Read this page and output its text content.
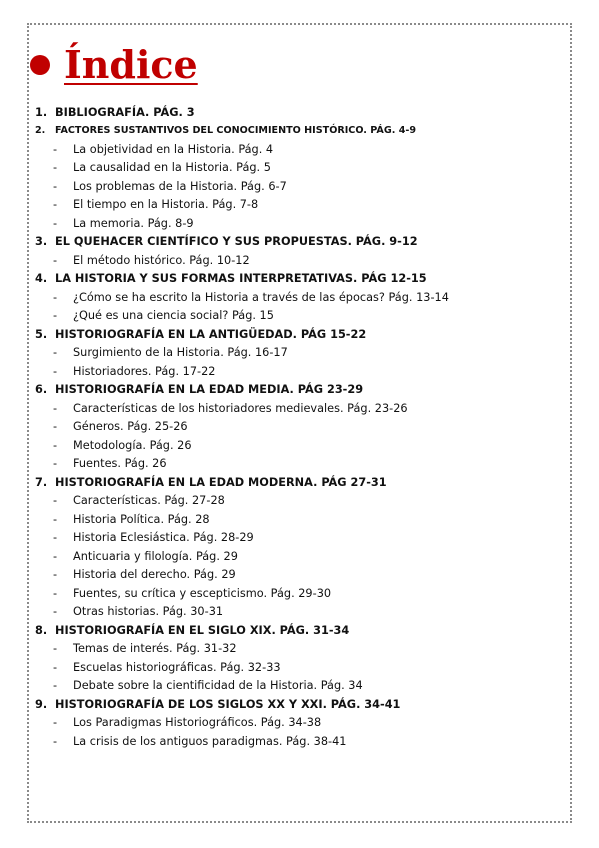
Índice
1. BIBLIOGRAFÍA. PÁG. 3
2.	FACTORES SUSTANTIVOS DEL CONOCIMIENTO HISTÓRICO. PÁG. 4-9
-	La objetividad en la Historia. Pág. 4
-	La causalidad en la Historia. Pág. 5
-	Los problemas de la Historia. Pág. 6-7
-	El tiempo en la Historia. Pág. 7-8
-	La memoria. Pág. 8-9
3. EL QUEHACER CIENTÍFICO Y SUS PROPUESTAS. PÁG. 9-12
-	El método histórico. Pág. 10-12
4. LA HISTORIA Y SUS FORMAS INTERPRETATIVAS. PÁG 12-15
-	¿Cómo se ha escrito la Historia a través de las épocas? Pág. 13-14
-	¿Qué es una ciencia social? Pág. 15
5. HISTORIOGRAFÍA EN LA ANTIGÜEDAD. PÁG 15-22
-	Surgimiento de la Historia. Pág. 16-17
-	Historiadores. Pág. 17-22
6. HISTORIOGRAFÍA EN LA EDAD MEDIA. PÁG 23-29
-	Características de los historiadores medievales. Pág. 23-26
-	Géneros. Pág. 25-26
-	Metodología. Pág. 26
-	Fuentes. Pág. 26
7. HISTORIOGRAFÍA EN LA EDAD MODERNA. PÁG 27-31
-	Características. Pág. 27-28
-	Historia Política. Pág. 28
-	Historia Eclesiástica. Pág. 28-29
-	Anticuaria y filología. Pág. 29
-	Historia del derecho. Pág. 29
-	Fuentes, su crítica y escepticismo. Pág. 29-30
-	Otras historias. Pág. 30-31
8. HISTORIOGRAFÍA EN EL SIGLO XIX. PÁG. 31-34
-	Temas de interés. Pág. 31-32
-	Escuelas historiográficas. Pág. 32-33
-	Debate sobre la cientificidad de la Historia. Pág. 34
9. HISTORIOGRAFÍA DE LOS SIGLOS XX Y XXI. PÁG. 34-41
-	Los Paradigmas Historiográficos. Pág. 34-38
-	La crisis de los antiguos paradigmas. Pág. 38-41
